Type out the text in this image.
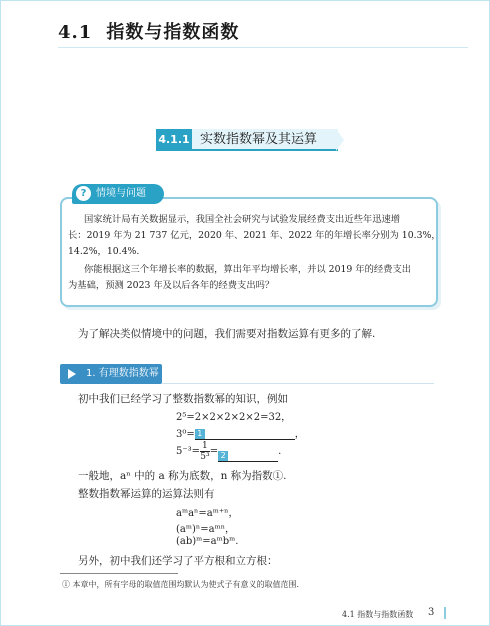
4.1 指数与指数函数
4.1.1 实数指数幂及其运算
? 情境与问题
国家统计局有关数据显示，我国全社会研究与试验发展经费支出近些年迅速增
长：2019 年为 21 737 亿元，2020 年、2021 年、2022 年的年增长率分别为 10.3%，
14.2%，10.4%.
你能根据这三个年增长率的数据，算出年平均增长率，并以 2019 年的经费支出
为基础，预测 2023 年及以后各年的经费支出吗？
为了解决类似情境中的问题，我们需要对指数运算有更多的了解.
1. 有理数指数幂
初中我们已经学习了整数指数幂的知识，例如
2⁵=2×2×2×2×2=32，
3⁰= 1	，
$5^{-3}= \frac{1}{\text{5³}} = 2$	.
一般地，aⁿ 中的 a 称为底数，n 称为指数①.
整数指数幂运算的运算法则有
aᵐaⁿ=aᵐ⁺ⁿ，
(aᵐ)ⁿ=aᵐⁿ，
(ab)ᵐ=aᵐbᵐ.
另外，初中我们还学习了平方根和立方根：
① 本章中，所有字母的取值范围均默认为使式子有意义的取值范围.
4.1 指数与指数函数 3
